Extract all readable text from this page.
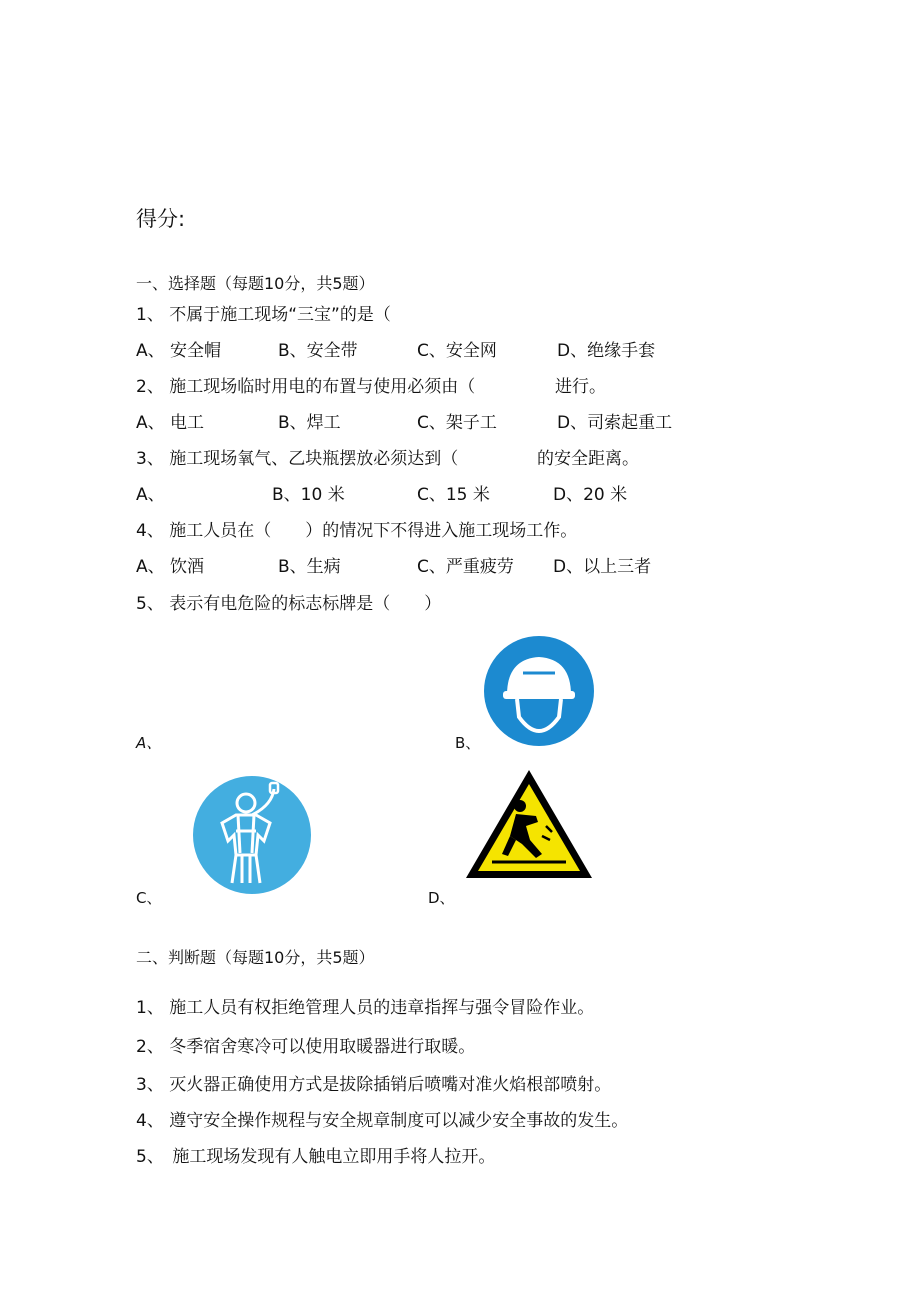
得分:
一、选择题（每题10分，共5题）
1、 不属于施工现场“三宝”的是（
A、 安全帽	B、安全带	C、安全网	D、绝缘手套
2、 施工现场临时用电的布置与使用必须由（	进行。
A、 电工	B、焊工	C、架子工	D、司索起重工
3、 施工现场氧气、乙块瓶摆放必须达到（	的安全距离。
A、	B、10 米	C、15 米	D、20 米
4、 施工人员在（　　）的情况下不得进入施工现场工作。
A、 饮酒	B、生病	C、严重疲劳 D、以上三者
5、 表示有电危险的标志标牌是（　　）
A、	B、
C、	D、
二、判断题（每题10分，共5题）
1、 施工人员有权拒绝管理人员的违章指挥与强令冒险作业。
2、 冬季宿舍寒冷可以使用取暖器进行取暖。
3、 灭火器正确使用方式是拔除插销后喷嘴对准火焰根部喷射。
4、 遵守安全操作规程与安全规章制度可以减少安全事故的发生。
5、　施工现场发现有人触电立即用手将人拉开。
